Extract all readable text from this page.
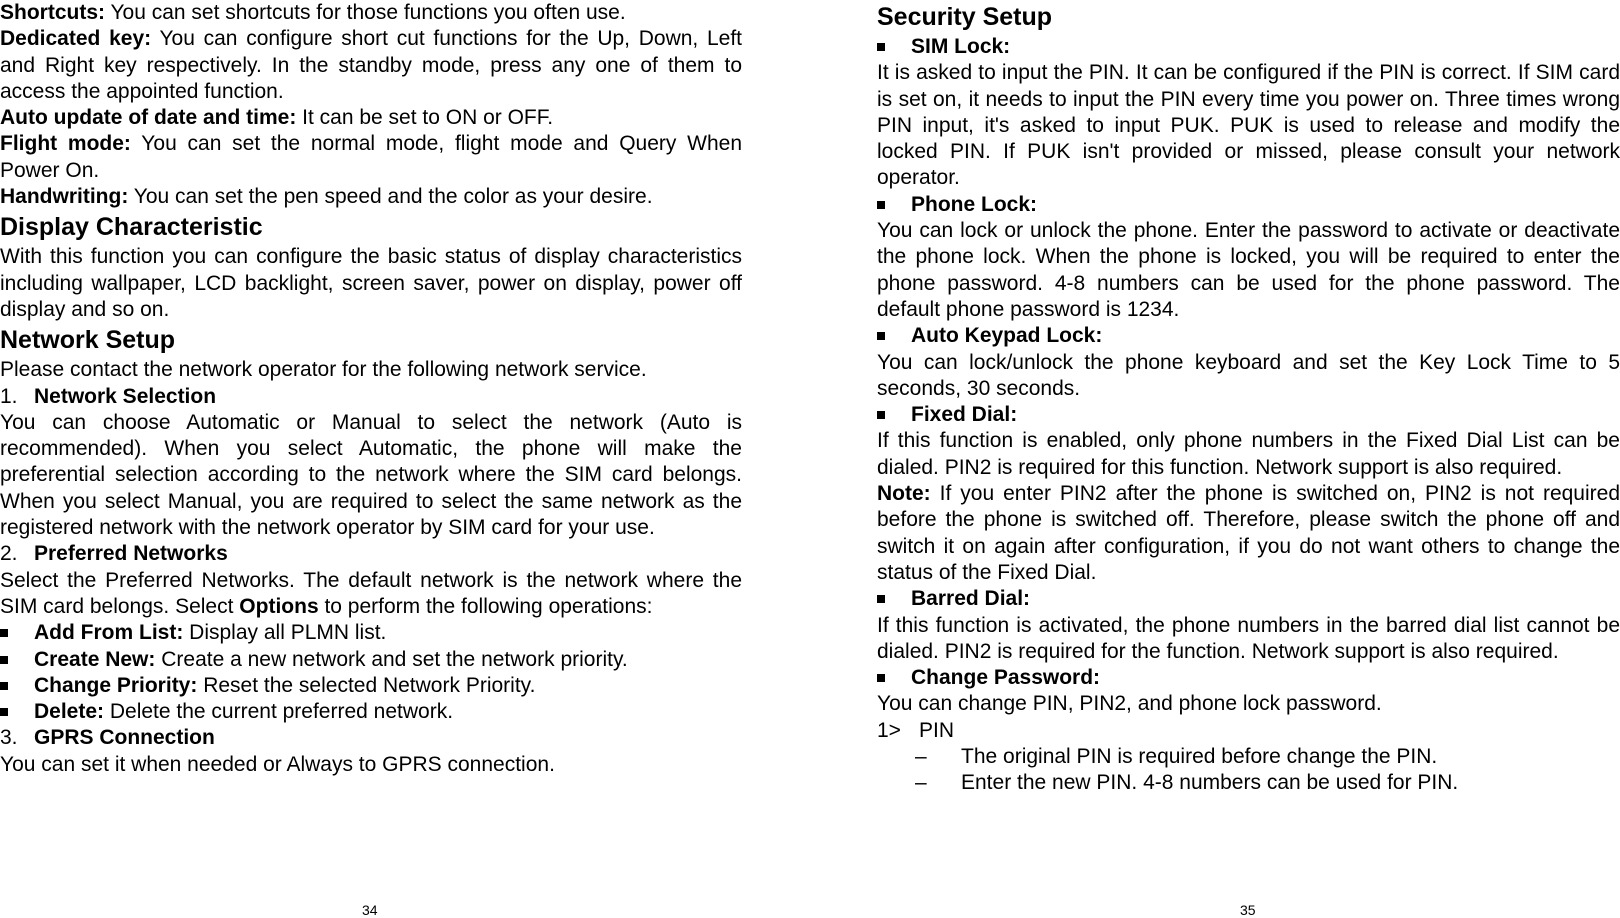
Shortcuts: You can set shortcuts for those functions you often use.

Dedicated key: You can configure short cut functions for the Up, Down, Left and Right key respectively. In the standby mode, press any one of them to access the appointed function.

Auto update of date and time: It can be set to ON or OFF.

Flight mode: You can set the normal mode, flight mode and Query When Power On.

Handwriting: You can set the pen speed and the color as your desire.

Display Characteristic

With this function you can configure the basic status of display characteristics including wallpaper, LCD backlight, screen saver, power on display, power off display and so on.

Network Setup

Please contact the network operator for the following network service.

1. Network Selection

You can choose Automatic or Manual to select the network (Auto is recommended). When you select Automatic, the phone will make the preferential selection according to the network where the SIM card belongs. When you select Manual, you are required to select the same network as the registered network with the network operator by SIM card for your use.

2. Preferred Networks

Select the Preferred Networks. The default network is the network where the SIM card belongs. Select Options to perform the following operations:

Add From List: Display all PLMN list.
Create New: Create a new network and set the network priority.
Change Priority: Reset the selected Network Priority.
Delete: Delete the current preferred network.
3. GPRS Connection

You can set it when needed or Always to GPRS connection.

Security Setup
SIM Lock:

It is asked to input the PIN. It can be configured if the PIN is correct. If SIM card is set on, it needs to input the PIN every time you power on. Three times wrong PIN input, it's asked to input PUK. PUK is used to release and modify the locked PIN. If PUK isn't provided or missed, please consult your network operator.

Phone Lock:

You can lock or unlock the phone. Enter the password to activate or deactivate the phone lock. When the phone is locked, you will be required to enter the phone password. 4-8 numbers can be used for the phone password. The default phone password is 1234.

Auto Keypad Lock:

You can lock/unlock the phone keyboard and set the Key Lock Time to 5 seconds, 30 seconds.

Fixed Dial:

If this function is enabled, only phone numbers in the Fixed Dial List can be dialed. PIN2 is required for this function. Network support is also required.

Note: If you enter PIN2 after the phone is switched on, PIN2 is not required before the phone is switched off. Therefore, please switch the phone off and switch it on again after configuration, if you do not want others to change the status of the Fixed Dial.

Barred Dial:

If this function is activated, the phone numbers in the barred dial list cannot be dialed. PIN2 is required for the function. Network support is also required.

Change Password:

You can change PIN, PIN2, and phone lock password.

1> PIN
–	The original PIN is required before change the PIN.
–	Enter the new PIN. 4-8 numbers can be used for PIN.
34	35
